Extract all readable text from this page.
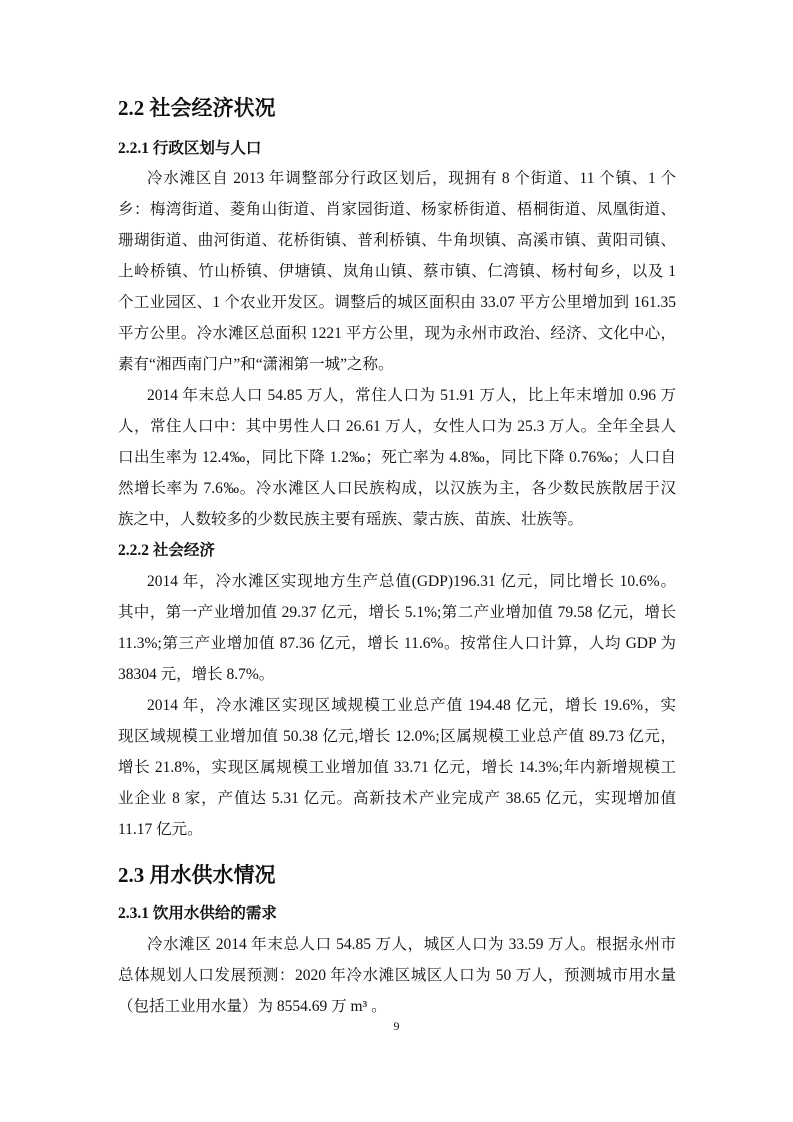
2.2 社会经济状况
2.2.1 行政区划与人口
冷水滩区自 2013 年调整部分行政区划后，现拥有 8 个街道、11 个镇、1 个
乡：梅湾街道、菱角山街道、肖家园街道、杨家桥街道、梧桐街道、凤凰街道、
珊瑚街道、曲河街道、花桥街镇、普利桥镇、牛角坝镇、高溪市镇、黄阳司镇、
上岭桥镇、竹山桥镇、伊塘镇、岚角山镇、蔡市镇、仁湾镇、杨村甸乡，以及 1
个工业园区、1 个农业开发区。调整后的城区面积由 33.07 平方公里增加到 161.35
平方公里。冷水滩区总面积 1221 平方公里，现为永州市政治、经济、文化中心，
素有“湘西南门户”和“潇湘第一城”之称。
2014 年末总人口 54.85 万人，常住人口为 51.91 万人，比上年末增加 0.96 万
人，常住人口中：其中男性人口 26.61 万人，女性人口为 25.3 万人。全年全县人
口出生率为 12.4‰，同比下降 1.2‰；死亡率为 4.8‰，同比下降 0.76‰；人口自
然增长率为 7.6‰。冷水滩区人口民族构成，以汉族为主，各少数民族散居于汉
族之中，人数较多的少数民族主要有瑶族、蒙古族、苗族、壮族等。
2.2.2 社会经济
2014 年，冷水滩区实现地方生产总值(GDP)196.31 亿元，同比增长 10.6%。
其中，第一产业增加值 29.37 亿元，增长 5.1%;第二产业增加值 79.58 亿元，增长
11.3%;第三产业增加值 87.36 亿元，增长 11.6%。按常住人口计算，人均 GDP 为
38304 元，增长 8.7%。
2014 年，冷水滩区实现区域规模工业总产值 194.48 亿元，增长 19.6%，实
现区域规模工业增加值 50.38 亿元,增长 12.0%;区属规模工业总产值 89.73 亿元，
增长 21.8%，实现区属规模工业增加值 33.71 亿元，增长 14.3%;年内新增规模工
业企业 8 家，产值达 5.31 亿元。高新技术产业完成产 38.65 亿元，实现增加值
11.17 亿元。
2.3 用水供水情况
2.3.1 饮用水供给的需求
冷水滩区 2014 年末总人口 54.85 万人，城区人口为 33.59 万人。根据永州市
总体规划人口发展预测：2020 年冷水滩区城区人口为 50 万人，预测城市用水量
（包括工业用水量）为 8554.69 万 m³ 。
9
